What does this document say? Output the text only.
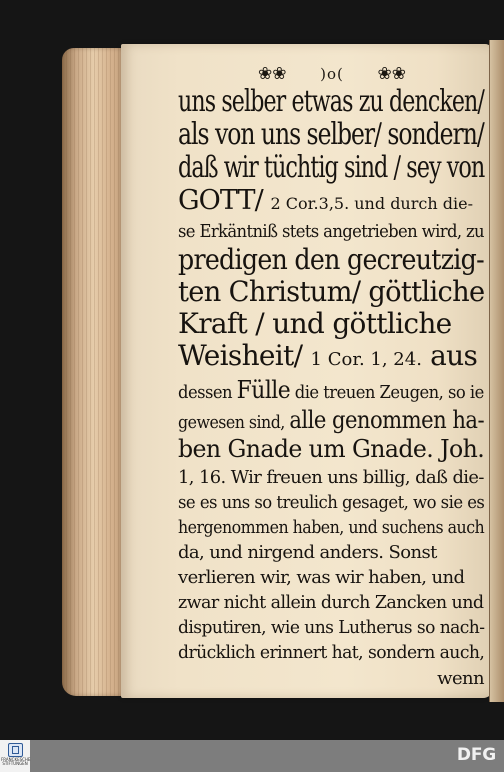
❀❀ )o( ❀❀
uns selber etwas zu dencken/
als von uns selber/ sondern/
daß wir tüchtig sind / sey von
GOTT/ 2 Cor.3,5. und durch die-
se Erkäntniß stets angetrieben wird, zu
predigen den gecreutzig-
ten Christum/ göttliche
Kraft / und göttliche
Weisheit/ 1 Cor. 1, 24. aus
dessen Fülle die treuen Zeugen, so ie
gewesen sind, alle genommen ha-
ben Gnade um Gnade. Joh.
1, 16. Wir freuen uns billig, daß die-
se es uns so treulich gesaget, wo sie es
hergenommen haben, und suchens auch
da, und nirgend anders. Sonst
verlieren wir, was wir haben, und
zwar nicht allein durch Zancken und
disputiren, wie uns Lutherus so nach-
drücklich erinnert hat, sondern auch,
wenn
FRANCKESCHE STIFTUNGEN	DFG
